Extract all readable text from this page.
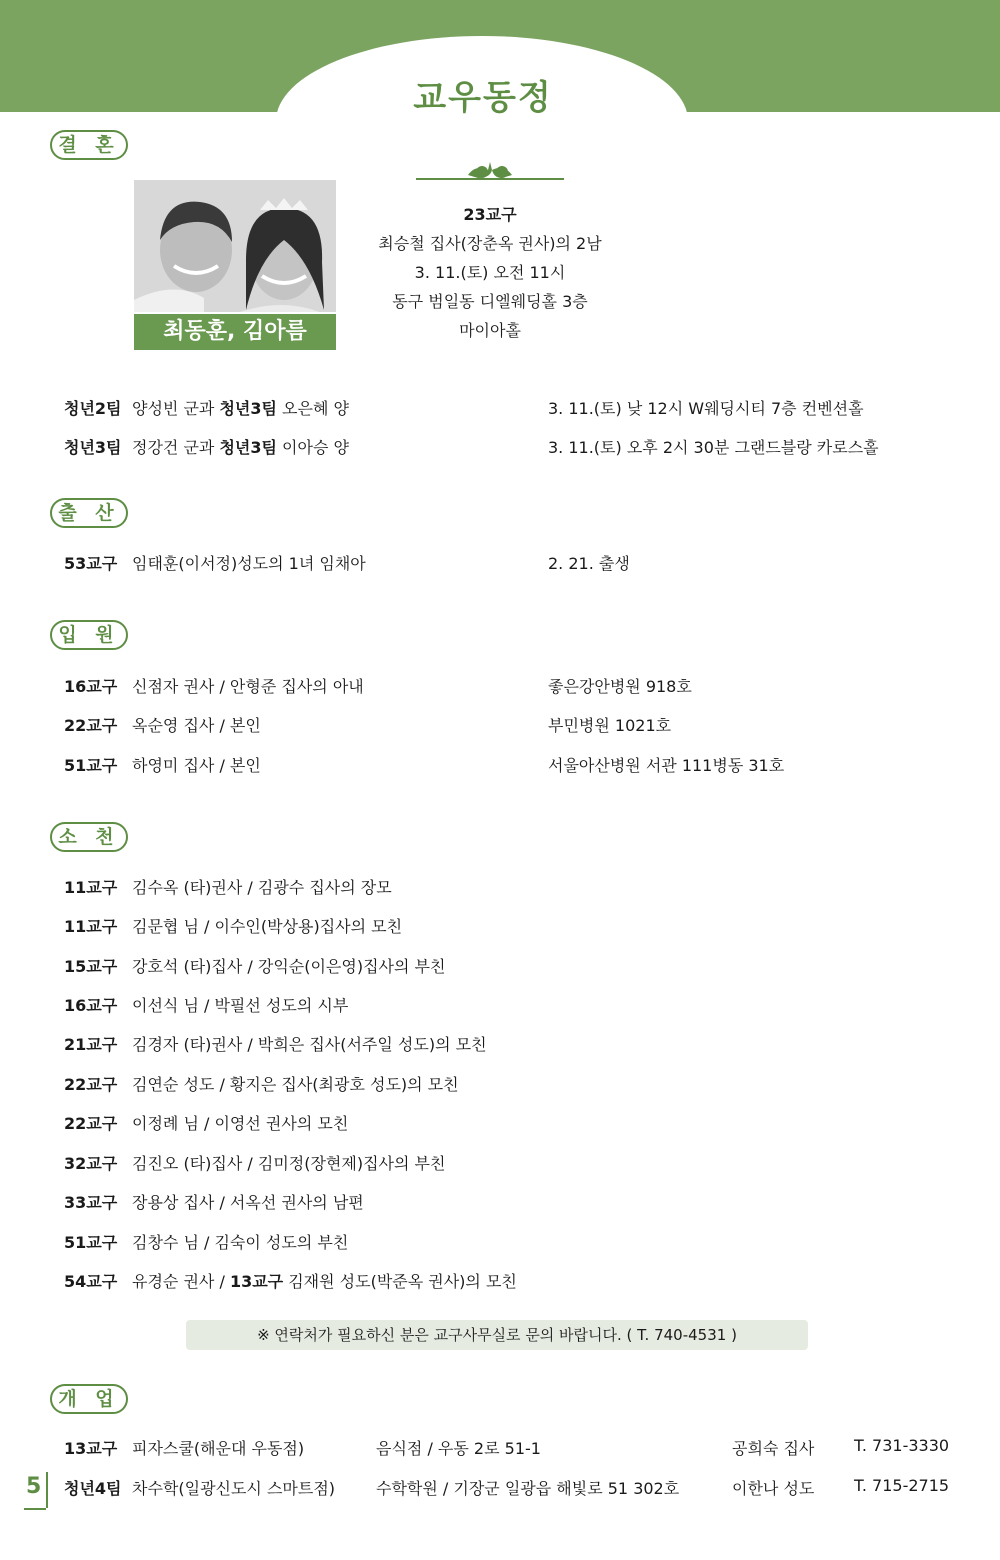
교우동정
결 혼
최동훈, 김아름
23교구
최승철 집사(장춘옥 권사)의 2남
3. 11.(토) 오전 11시
동구 범일동 디엘웨딩홀 3층
마이아홀
청년2팀 양성빈 군과 청년3팀 오은혜 양	3. 11.(토) 낮 12시 W웨딩시티 7층 컨벤션홀
청년3팀 정강건 군과 청년3팀 이아승 양	3. 11.(토) 오후 2시 30분 그랜드블랑 카로스홀
출 산
53교구 임태훈(이서정)성도의 1녀 임채아	2. 21. 출생
입 원
16교구 신점자 권사 / 안형준 집사의 아내	좋은강안병원 918호
22교구 옥순영 집사 / 본인	부민병원 1021호
51교구 하영미 집사 / 본인	서울아산병원 서관 111병동 31호
소 천
11교구 김수옥 (타)권사 / 김광수 집사의 장모
11교구 김문협 님 / 이수인(박상용)집사의 모친
15교구 강호석 (타)집사 / 강익순(이은영)집사의 부친
16교구 이선식 님 / 박필선 성도의 시부
21교구 김경자 (타)권사 / 박희은 집사(서주일 성도)의 모친
22교구 김연순 성도 / 황지은 집사(최광호 성도)의 모친
22교구 이정례 님 / 이영선 권사의 모친
32교구 김진오 (타)집사 / 김미정(장현제)집사의 부친
33교구 장용상 집사 / 서옥선 권사의 남편
51교구 김창수 님 / 김숙이 성도의 부친
54교구 유경순 권사 / 13교구 김재원 성도(박준옥 권사)의 모친
※ 연락처가 필요하신 분은 교구사무실로 문의 바랍니다. ( T. 740-4531 )
개 업
13교구 피자스쿨(해운대 우동점)	음식점 / 우동 2로 51-1	공희숙 집사 T. 731-3330
청년4팀 차수학(일광신도시 스마트점)	수학학원 / 기장군 일광읍 해빛로 51 302호	이한나 성도 T. 715-2715
5
